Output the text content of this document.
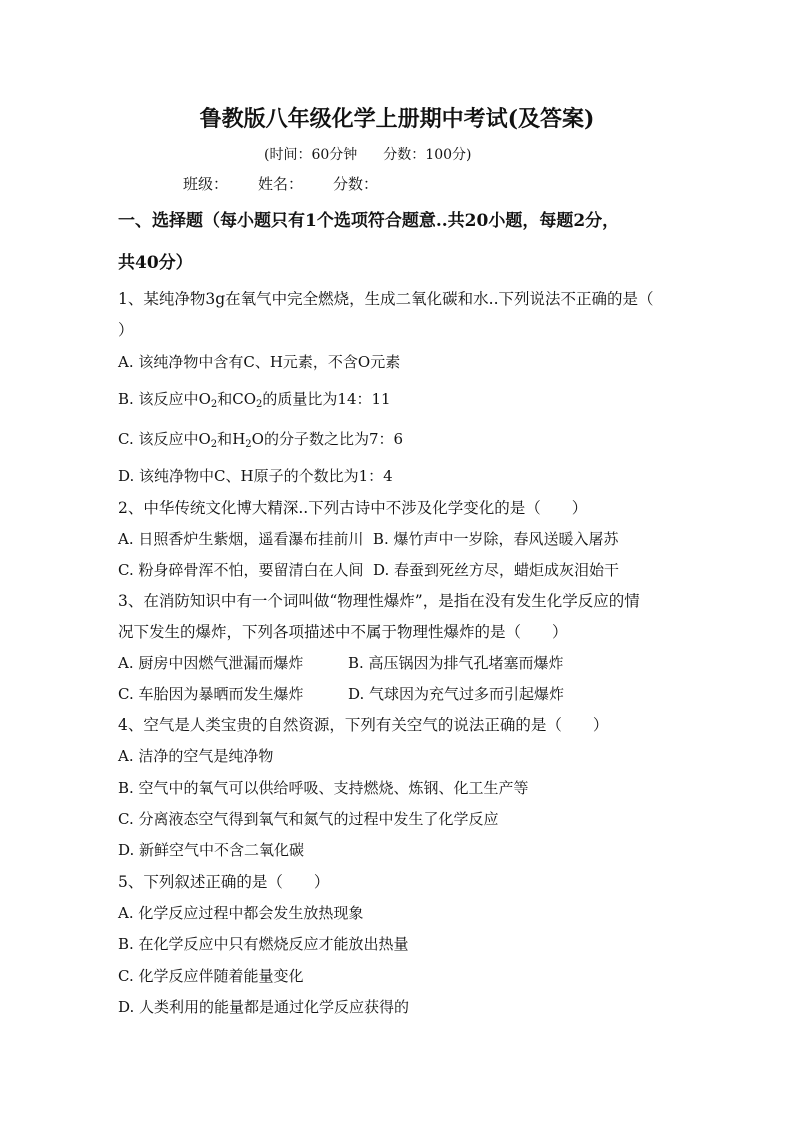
鲁教版八年级化学上册期中考试(及答案)
(时间：60分钟 分数：100分)
班级： 姓名： 分数：
一、选择题（每小题只有1个选项符合题意..共20小题，每题2分，
共40分）
1、某纯净物3g在氧气中完全燃烧，生成二氧化碳和水..下列说法不正确的是（
）
A. 该纯净物中含有C、H元素，不含O元素
B. 该反应中$O_2$和$CO_2$的质量比为14：11
C. 该反应中$O_2$和$H_2O$的分子数之比为7：6
D. 该纯净物中C、H原子的个数比为1：4
2、中华传统文化博大精深..下列古诗中不涉及化学变化的是（　　）
A. 日照香炉生紫烟，遥看瀑布挂前川 B. 爆竹声中一岁除，春风送暖入屠苏
C. 粉身碎骨浑不怕，要留清白在人间 D. 春蚕到死丝方尽，蜡炬成灰泪始干
3、在消防知识中有一个词叫做“物理性爆炸”，是指在没有发生化学反应的情
况下发生的爆炸，下列各项描述中不属于物理性爆炸的是（　　）
A. 厨房中因燃气泄漏而爆炸	B. 高压锅因为排气孔堵塞而爆炸
C. 车胎因为暴晒而发生爆炸	D. 气球因为充气过多而引起爆炸
4、空气是人类宝贵的自然资源，下列有关空气的说法正确的是（　　）
A. 洁净的空气是纯净物
B. 空气中的氧气可以供给呼吸、支持燃烧、炼钢、化工生产等
C. 分离液态空气得到氧气和氮气的过程中发生了化学反应
D. 新鲜空气中不含二氧化碳
5、下列叙述正确的是（　　）
A. 化学反应过程中都会发生放热现象
B. 在化学反应中只有燃烧反应才能放出热量
C. 化学反应伴随着能量变化
D. 人类利用的能量都是通过化学反应获得的
